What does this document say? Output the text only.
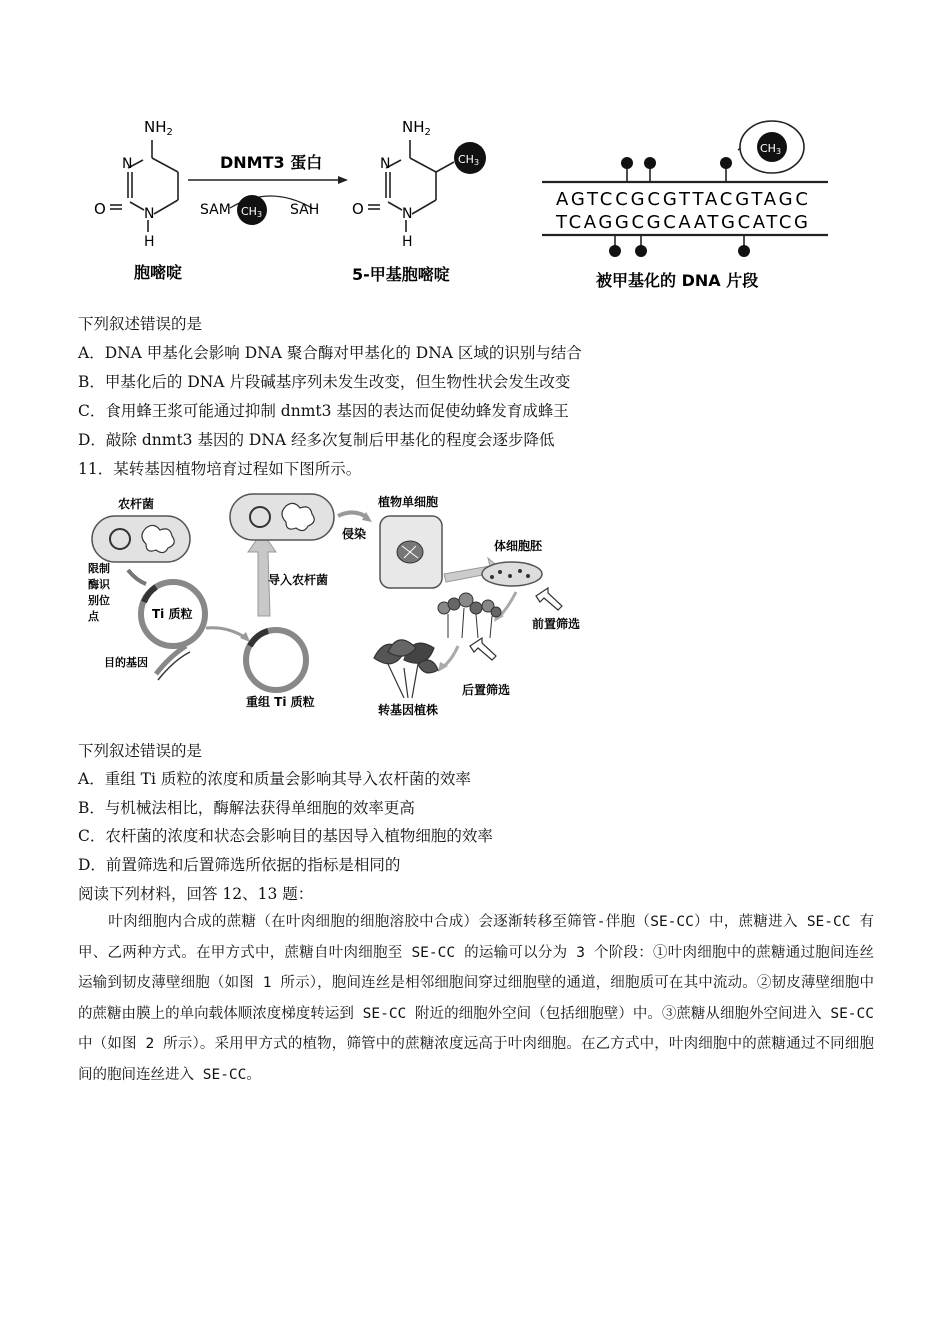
$NH_2$
N
N
H
O
胞嘧啶
DNMT3 蛋白
SAM CH3 SAH
$NH_2$
CH3
N
N
H
O
5-甲基胞嘧啶
CH3
AGTCCGCGTTACGTAGC
TCAGGCGCAATGCATCG
被甲基化的 DNA 片段
下列叙述错误的是
A．DNA 甲基化会影响 DNA 聚合酶对甲基化的 DNA 区域的识别与结合
B．甲基化后的 DNA 片段碱基序列未发生改变，但生物性状会发生改变
C．食用蜂王浆可能通过抑制 dnmt3 基因的表达而促使幼蜂发育成蜂王
D．敲除 dnmt3 基因的 DNA 经多次复制后甲基化的程度会逐步降低
11．某转基因植物培育过程如下图所示。
农杆菌
限制
酶识
别位
点	Ti 质粒
目的基因
重组 Ti 质粒
导入农杆菌
侵染
植物单细胞
体细胞胚
前置筛选
后置筛选
转基因植株
下列叙述错误的是
A．重组 Ti 质粒的浓度和质量会影响其导入农杆菌的效率
B．与机械法相比，酶解法获得单细胞的效率更高
C．农杆菌的浓度和状态会影响目的基因导入植物细胞的效率
D．前置筛选和后置筛选所依据的指标是相同的
阅读下列材料，回答 12、13 题：
叶肉细胞内合成的蔗糖（在叶肉细胞的细胞溶胶中合成）会逐渐转移至筛管-伴胞（SE-CC）中，蔗糖进入 SE-CC 有甲、乙两种方式。在甲方式中，蔗糖自叶肉细胞至 SE-CC 的运输可以分为 3 个阶段：①叶肉细胞中的蔗糖通过胞间连丝运输到韧皮薄壁细胞（如图 1 所示），胞间连丝是相邻细胞间穿过细胞壁的通道，细胞质可在其中流动。②韧皮薄壁细胞中的蔗糖由膜上的单向载体顺浓度梯度转运到 SE-CC 附近的细胞外空间（包括细胞壁）中。③蔗糖从细胞外空间进入 SE-CC 中（如图 2 所示）。采用甲方式的植物，筛管中的蔗糖浓度远高于叶肉细胞。在乙方式中，叶肉细胞中的蔗糖通过不同细胞间的胞间连丝进入 SE-CC。
